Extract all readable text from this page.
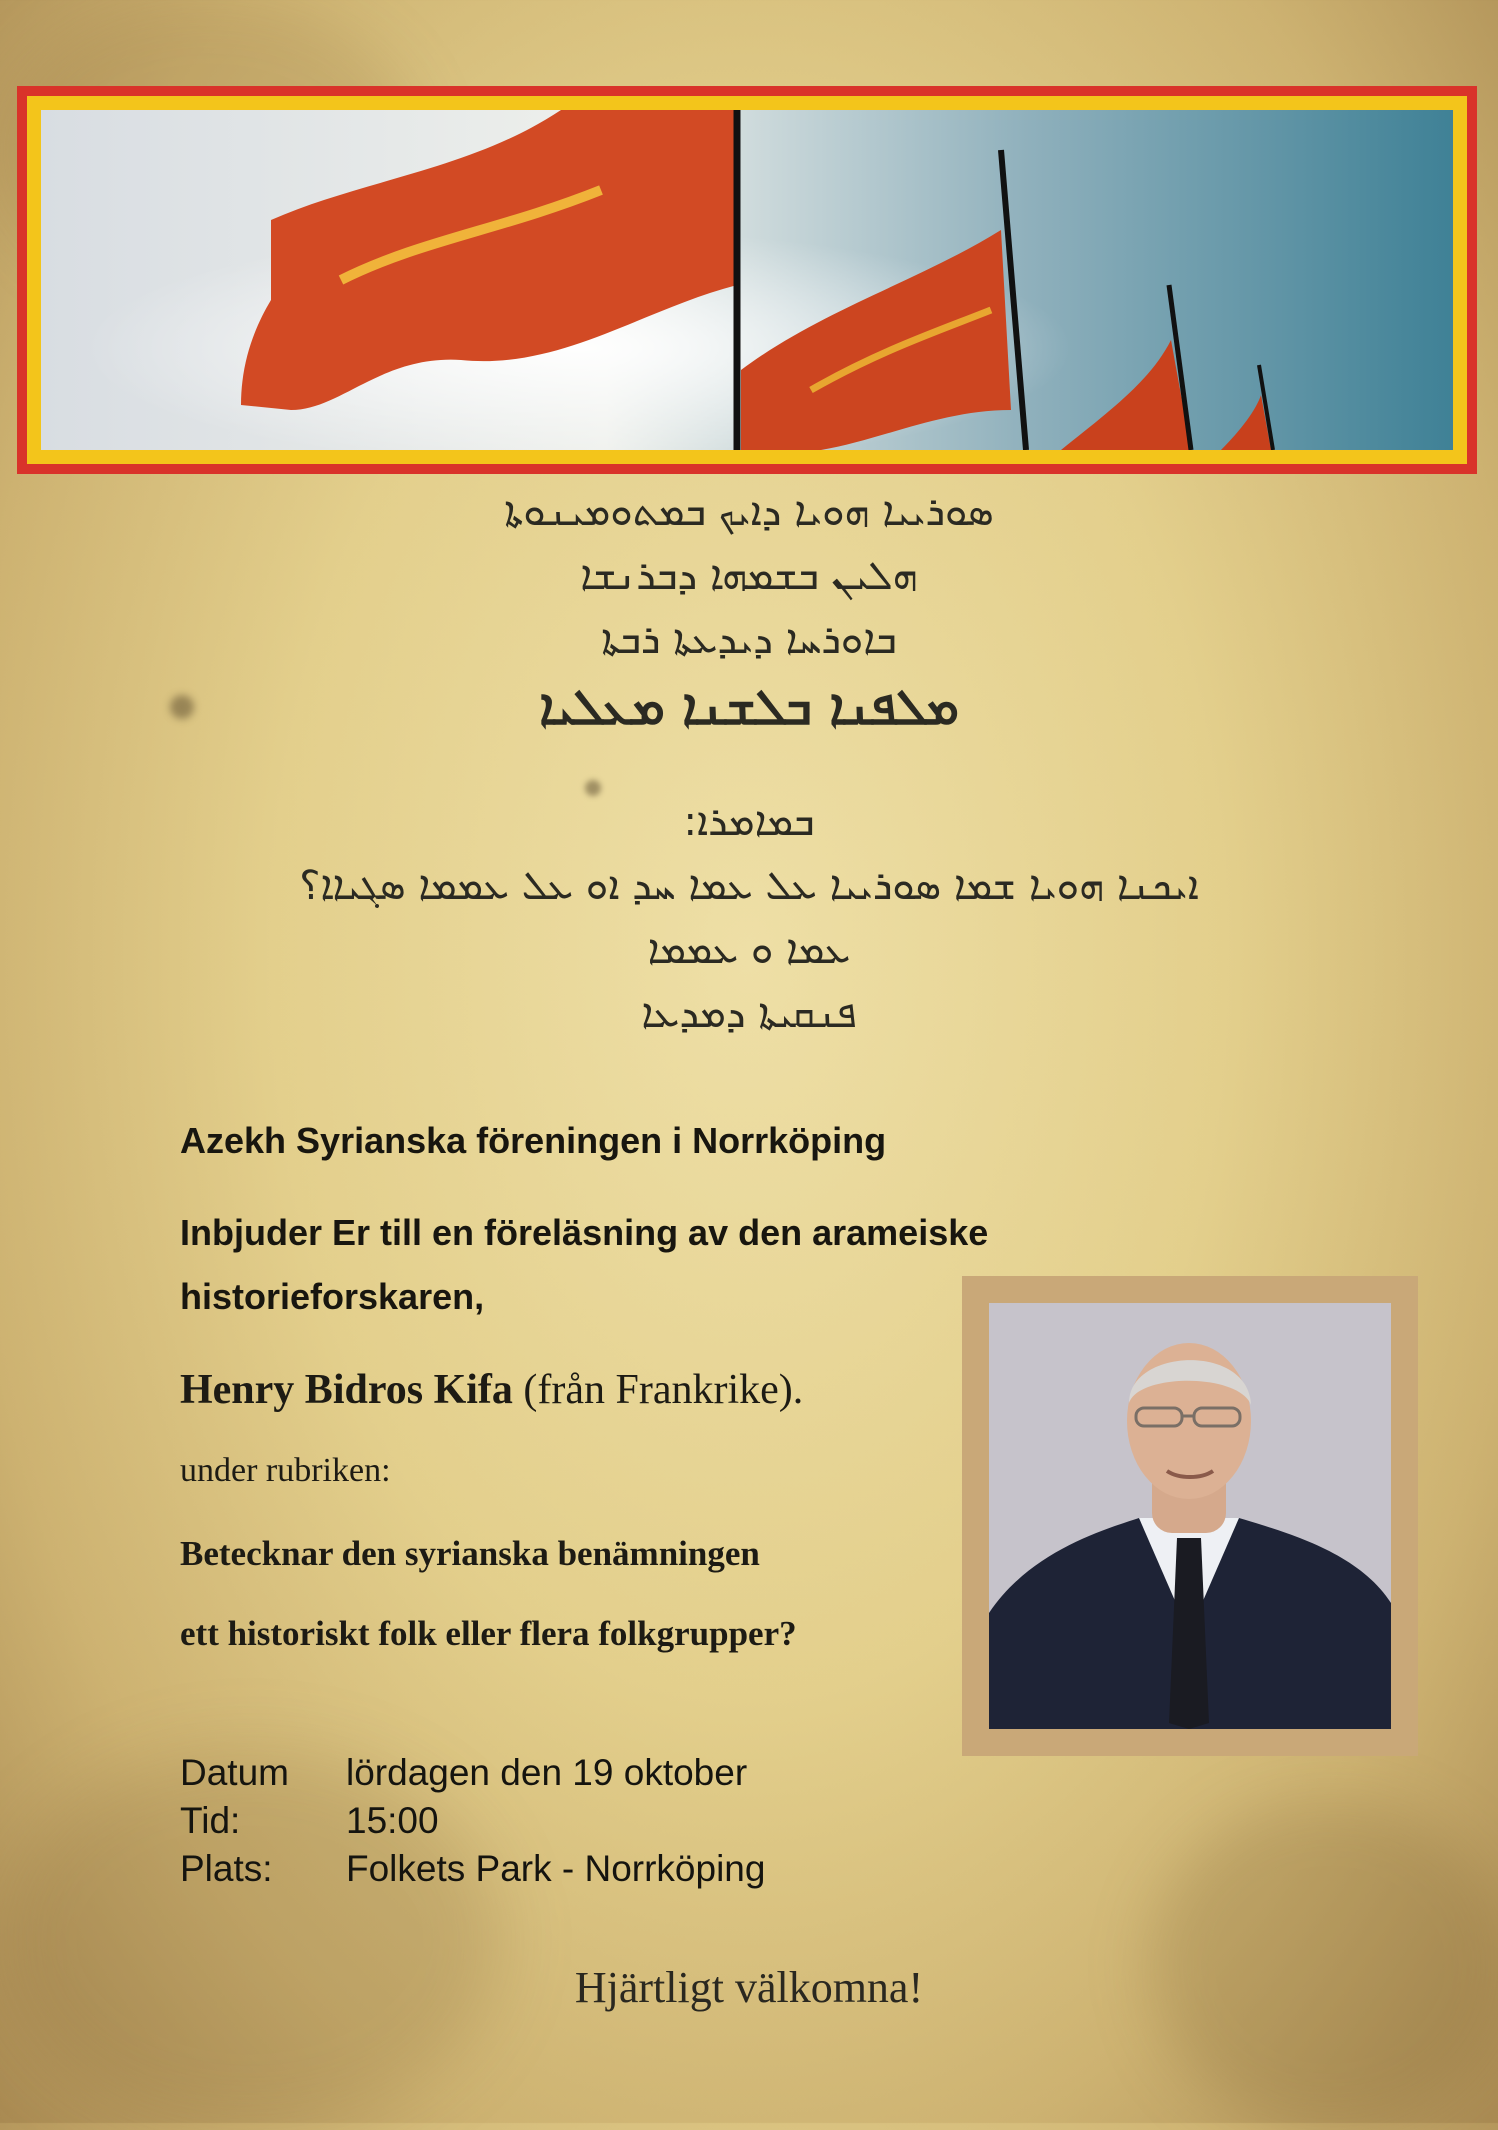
ܣܘܪܝܝܐ ܗܘܝܐ ܕܐܝܟ ܒܡܬܘܡܝܢܘܬܐ
ܗܠܝܢ ܒܫܡܗܐ ܕܒܪܢܫܐ
ܒܐܘܪܚܐ ܕܝܕܥܬܐ ܪܒܬܐ
ܡܠܦܢܐ ܒܠܫܢܐ ܡܥܠܝܐ
ܒܡܐܡܪܐ:
ܐܝܟܢܐ ܗܘܝܐ ܫܡܐ ܣܘܪܝܝܐ ܥܠ ܥܡܐ ܚܕ ܐܘ ܥܠ ܥܡܡܐ ܣܓܝܐܐ؟
ܥܡܐ ܘ ܥܡܡܐ
ܦܢܩܝܬܐ ܕܡܕܥܐ
Azekh Syrianska föreningen i Norrköping
Inbjuder Er till en föreläsning av den arameiske
historieforskaren,
Henry Bidros Kifa (från Frankrike).
under rubriken:
Betecknar den syrianska benämningen
ett historiskt folk eller flera folkgrupper?
Datum lördagen den 19 oktober
Tid:	15:00
Plats: Folkets Park - Norrköping
Hjärtligt välkomna!
